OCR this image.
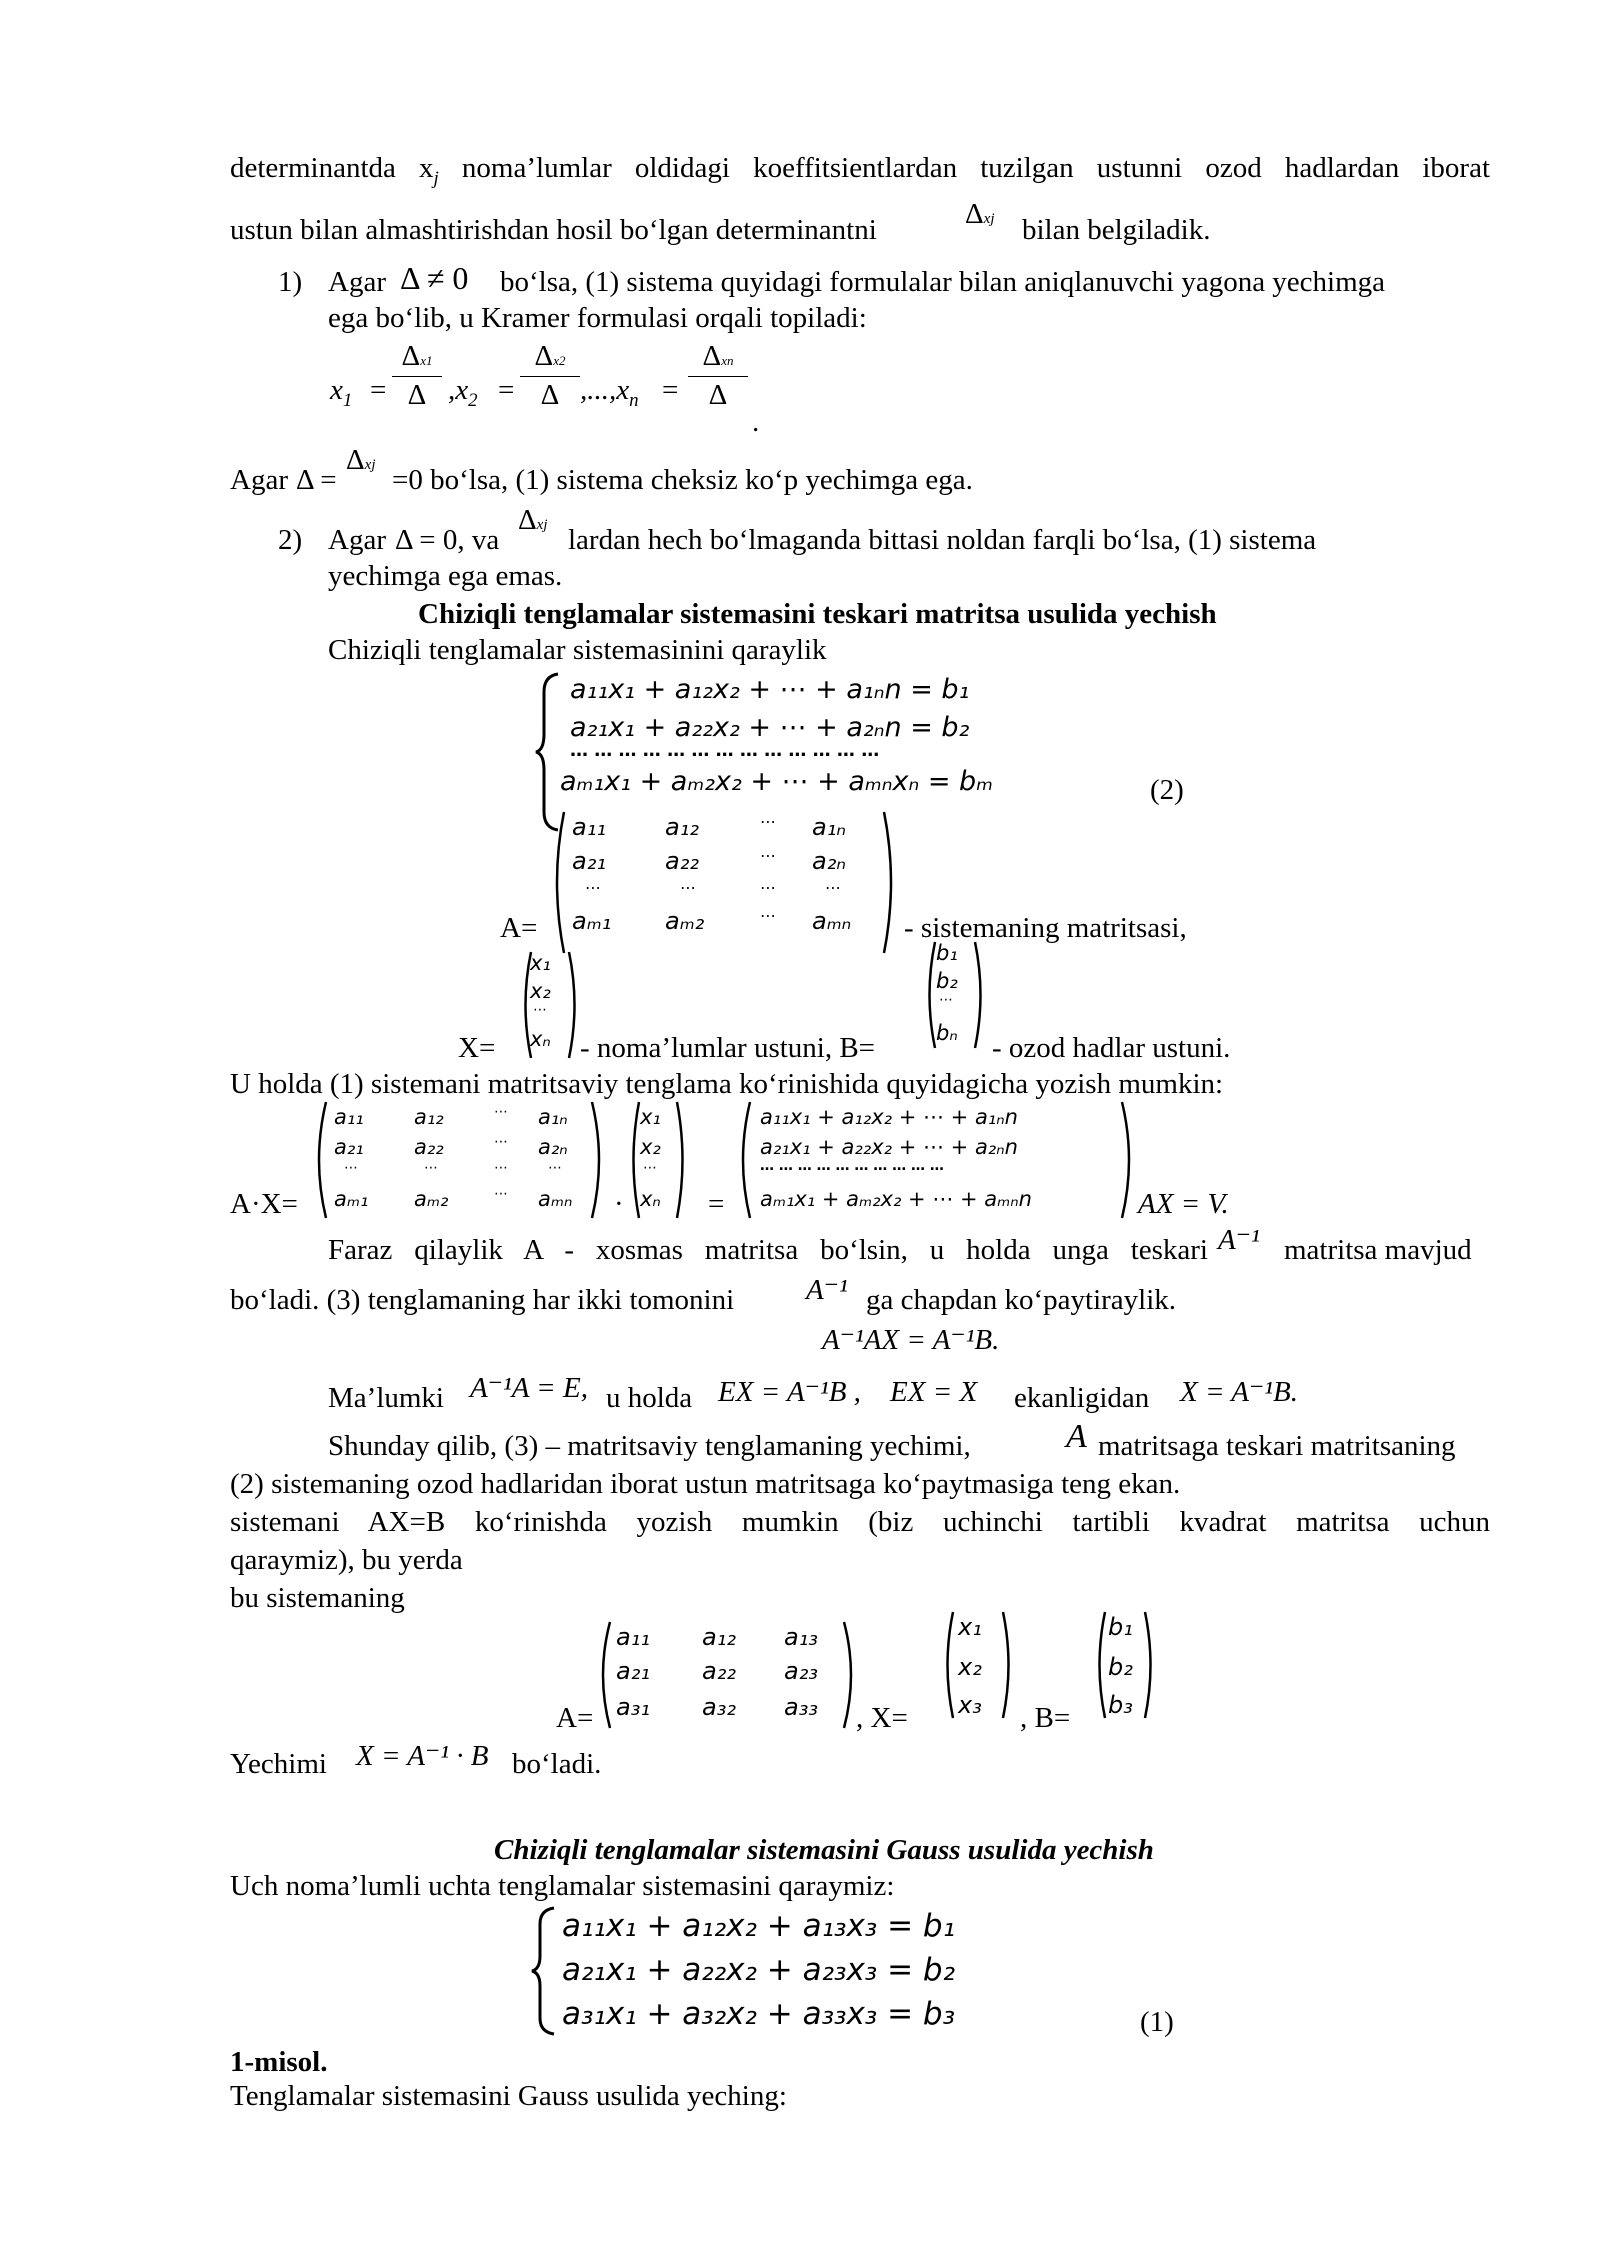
determinantda $x_j$ noma’lumlar oldidagi koeffitsientlardan tuzilgan ustunni ozod hadlardan iborat
ustun bilan almashtirishdan hosil bo‘lgan determinantni	Δxj bilan belgiladik.
1) Agar Δ ≠ 0 bo‘lsa, (1) sistema quyidagi formulalar bilan aniqlanuvchi yagona yechimga
ega bo‘lib, u Kramer formulasi orqali topiladi:
$x_1 = \frac{\Delta x1}{\Delta} ,x_2 = \frac{\Delta x2}{\Delta} ,...,x_n$ =
Δxn
Δ
.
Agar Δ =
Δxj =0 bo‘lsa, (1) sistema cheksiz ko‘p yechimga ega.
2) Agar Δ = 0, va
Δxj lardan hech bo‘lmaganda bittasi noldan farqli bo‘lsa, (1) sistema
yechimga ega emas.
Chiziqli tenglamalar sistemasini teskari matritsa usulida yechish
Chiziqli tenglamalar sistemasinini qaraylik
a₁₁x₁ + a₁₂x₂ + ⋯ + a₁ₙn = b₁
a₂₁x₁ + a₂₂x₂ + ⋯ + a₂ₙn = b₂
… … … … … … … … … … … … …
aₘ₁x₁ + aₘ₂x₂ + ⋯ + aₘₙxₙ = bₘ	(2)
a₁₁ a₁₂	⋯ a₁ₙ
a₂₁ a₂₂	⋯ a₂ₙ
⋯	⋯	⋯	⋯
aₘ₁ aₘ₂	⋯ aₘₙ
A=	- sistemaning matritsasi,
x₁
x₂
⋯
xₙ
X=	- noma’lumlar ustuni, B=
b₁
b₂
⋯
bₙ - ozod hadlar ustuni.
U holda (1) sistemani matritsaviy tenglama ko‘rinishida quyidagicha yozish mumkin:
A·X=
a₁₁ a₁₂	⋯ a₁ₙ
a₂₁ a₂₂	⋯ a₂ₙ
⋯	⋯	⋯	⋯
aₘ₁ aₘ₂	⋯ aₘₙ ·
x₁
x₂
⋯
xₙ =
a₁₁x₁ + a₁₂x₂ + ⋯ + a₁ₙn
a₂₁x₁ + a₂₂x₂ + ⋯ + a₂ₙn
… … … … … … … … … …
aₘ₁x₁ + aₘ₂x₂ + ⋯ + aₘₙn	AX = V.
Faraz qilaylik A - xosmas matritsa bo‘lsin, u holda unga teskari A⁻¹ matritsa mavjud
bo‘ladi. (3) tenglamaning har ikki tomonini A⁻¹ ga chapdan ko‘paytiraylik.
A⁻¹AX = A⁻¹B.
Ma’lumki A⁻¹A = E, u holda EX = A⁻¹B , EX = X ekanligidan X = A⁻¹B.
Shunday qilib, (3) – matritsaviy tenglamaning yechimi,	A matritsaga teskari matritsaning
(2) sistemaning ozod hadlaridan iborat ustun matritsaga ko‘paytmasiga teng ekan.
sistemani AX=B ko‘rinishda yozish mumkin (biz uchinchi tartibli kvadrat matritsa uchun
qaraymiz), bu yerda
bu sistemaning
a₁₁ a₁₂ a₁₃
a₂₁ a₂₂ a₂₃
a₃₁ a₃₂ a₃₃
A=	, X=
x₁
x₂
x₃ , B=
b₁
b₂
b₃
Yechimi X = A⁻¹ · B bo‘ladi.
Chiziqli tenglamalar sistemasini Gauss usulida yechish
Uch noma’lumli uchta tenglamalar sistemasini qaraymiz:
a₁₁x₁ + a₁₂x₂ + a₁₃x₃ = b₁
a₂₁x₁ + a₂₂x₂ + a₂₃x₃ = b₂
a₃₁x₁ + a₃₂x₂ + a₃₃x₃ = b₃	(1)
1-misol.
Tenglamalar sistemasini Gauss usulida yeching:
